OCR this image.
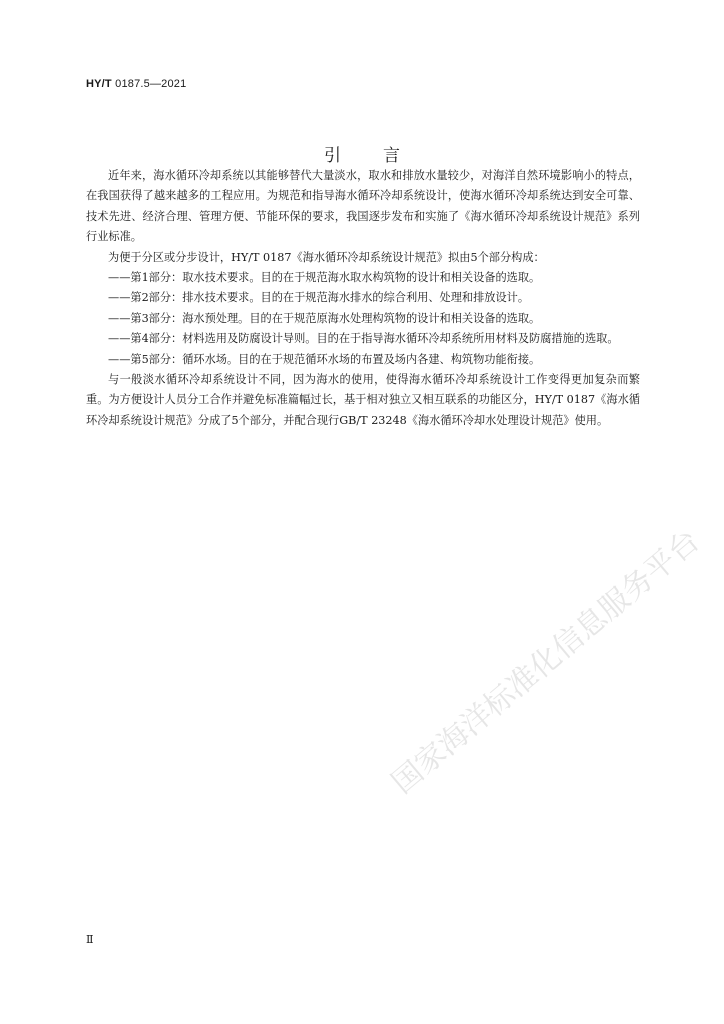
HY/T 0187.5—2021
引言

近年来，海水循环冷却系统以其能够替代大量淡水，取水和排放水量较少，对海洋自然环境影响小的特点，在我国获得了越来越多的工程应用。为规范和指导海水循环冷却系统设计，使海水循环冷却系统达到安全可靠、技术先进、经济合理、管理方便、节能环保的要求，我国逐步发布和实施了《海水循环冷却系统设计规范》系列行业标准。

为便于分区或分步设计，HY/T 0187《海水循环冷却系统设计规范》拟由5个部分构成：

——第1部分：取水技术要求。目的在于规范海水取水构筑物的设计和相关设备的选取。

——第2部分：排水技术要求。目的在于规范海水排水的综合利用、处理和排放设计。

——第3部分：海水预处理。目的在于规范原海水处理构筑物的设计和相关设备的选取。

——第4部分：材料选用及防腐设计导则。目的在于指导海水循环冷却系统所用材料及防腐措施的选取。

——第5部分：循环水场。目的在于规范循环水场的布置及场内各建、构筑物功能衔接。

与一般淡水循环冷却系统设计不同，因为海水的使用，使得海水循环冷却系统设计工作变得更加复杂而繁重。为方便设计人员分工合作并避免标准篇幅过长，基于相对独立又相互联系的功能区分，HY/T 0187《海水循环冷却系统设计规范》分成了5个部分，并配合现行GB/T 23248《海水循环冷却水处理设计规范》使用。

国家海洋标准化信息服务平台
Ⅱ
